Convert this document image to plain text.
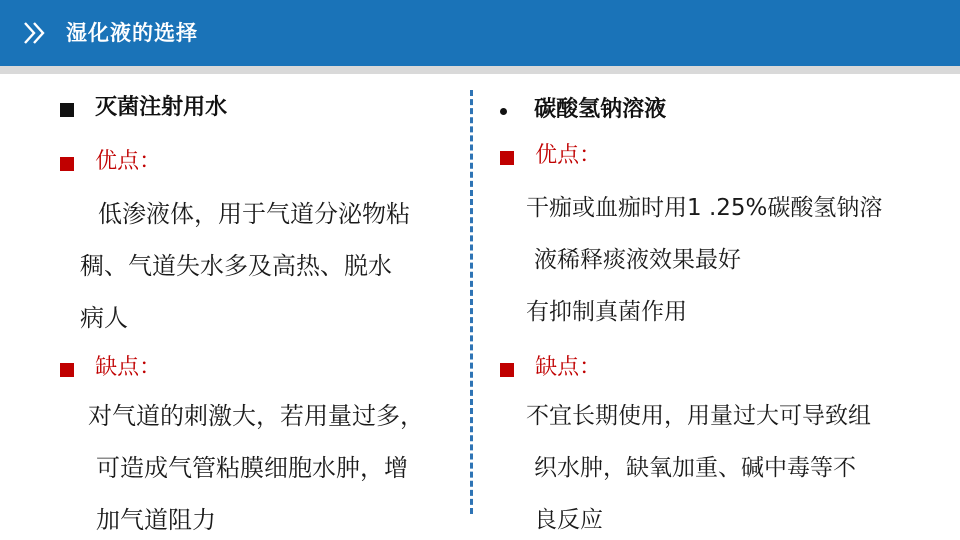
湿化液的选择
灭菌注射用水
优点：
低渗液体，用于气道分泌物粘
稠、气道失水多及高热、脱水
病人
缺点：
对气道的刺激大，若用量过多，
可造成气管粘膜细胞水肿，增
加气道阻力
碳酸氢钠溶液
优点：
干痂或血痂时用1 .25%碳酸氢钠溶
液稀释痰液效果最好
有抑制真菌作用
缺点：
不宜长期使用，用量过大可导致组
织水肿，缺氧加重、碱中毒等不
良反应
